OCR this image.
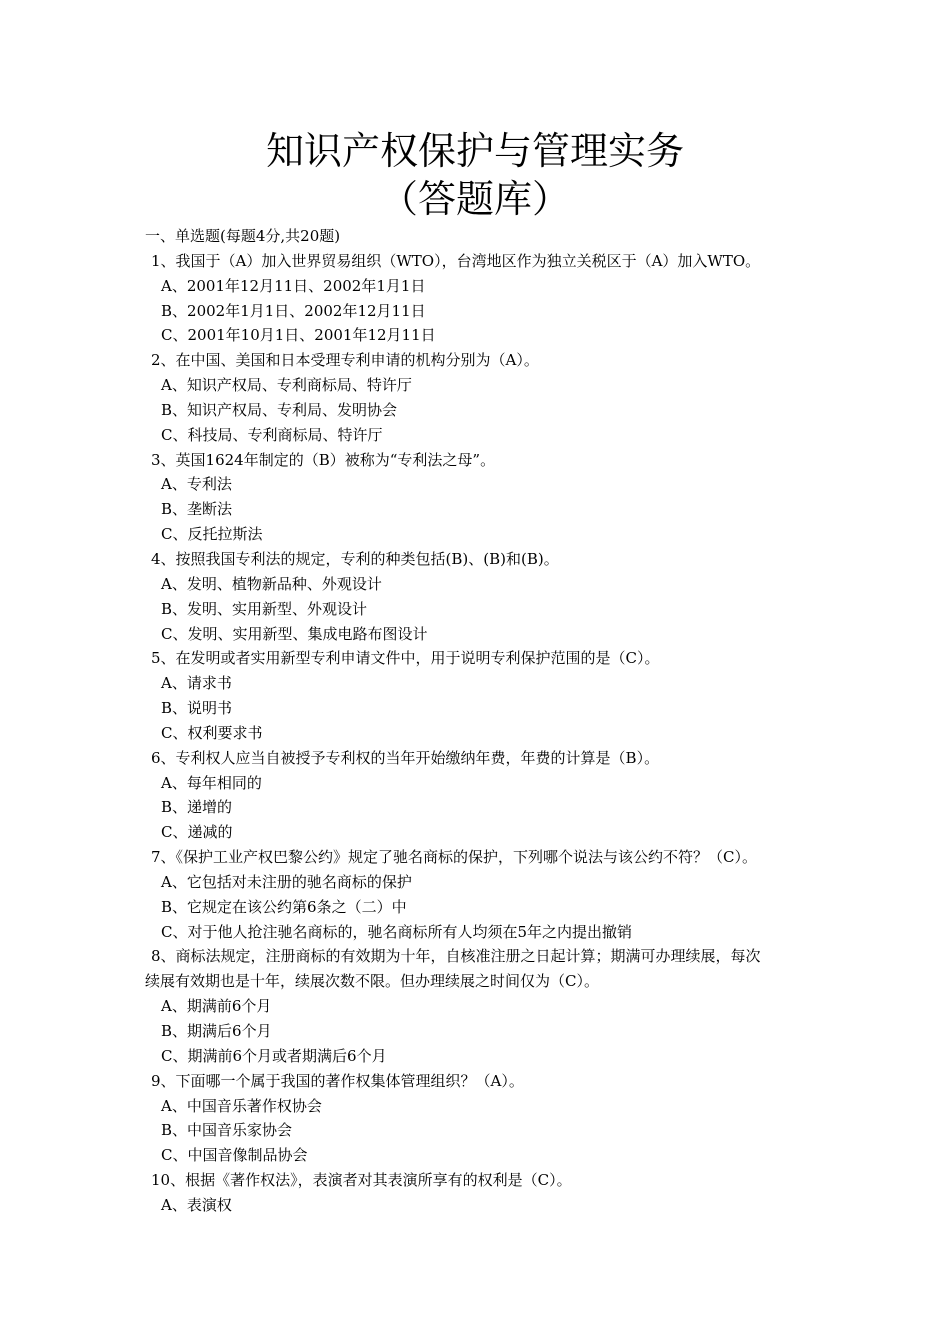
知识产权保护与管理实务
（答题库）

一、单选题(每题4分,共20题)

1、我国于（A）加入世界贸易组织（WTO），台湾地区作为独立关税区于（A）加入WTO。

A、2001年12月11日、2002年1月1日

B、2002年1月1日、2002年12月11日

C、2001年10月1日、2001年12月11日

2、在中国、美国和日本受理专利申请的机构分别为（A）。

A、知识产权局、专利商标局、特许厅

B、知识产权局、专利局、发明协会

C、科技局、专利商标局、特许厅

3、英国1624年制定的（B）被称为“专利法之母”。

A、专利法

B、垄断法

C、反托拉斯法

4、按照我国专利法的规定，专利的种类包括(B)、(B)和(B)。

A、发明、植物新品种、外观设计

B、发明、实用新型、外观设计

C、发明、实用新型、集成电路布图设计

5、在发明或者实用新型专利申请文件中，用于说明专利保护范围的是（C）。

A、请求书

B、说明书

C、权利要求书

6、专利权人应当自被授予专利权的当年开始缴纳年费，年费的计算是（B）。

A、每年相同的

B、递增的

C、递减的

7、《保护工业产权巴黎公约》规定了驰名商标的保护，下列哪个说法与该公约不符？（C）。

A、它包括对未注册的驰名商标的保护

B、它规定在该公约第6条之（二）中

C、对于他人抢注驰名商标的，驰名商标所有人均须在5年之内提出撤销

8、商标法规定，注册商标的有效期为十年，自核准注册之日起计算；期满可办理续展，每次

续展有效期也是十年，续展次数不限。但办理续展之时间仅为（C）。

A、期满前6个月

B、期满后6个月

C、期满前6个月或者期满后6个月

9、下面哪一个属于我国的著作权集体管理组织？（A）。

A、中国音乐著作权协会

B、中国音乐家协会

C、中国音像制品协会

10、根据《著作权法》，表演者对其表演所享有的权利是（C）。

A、表演权
